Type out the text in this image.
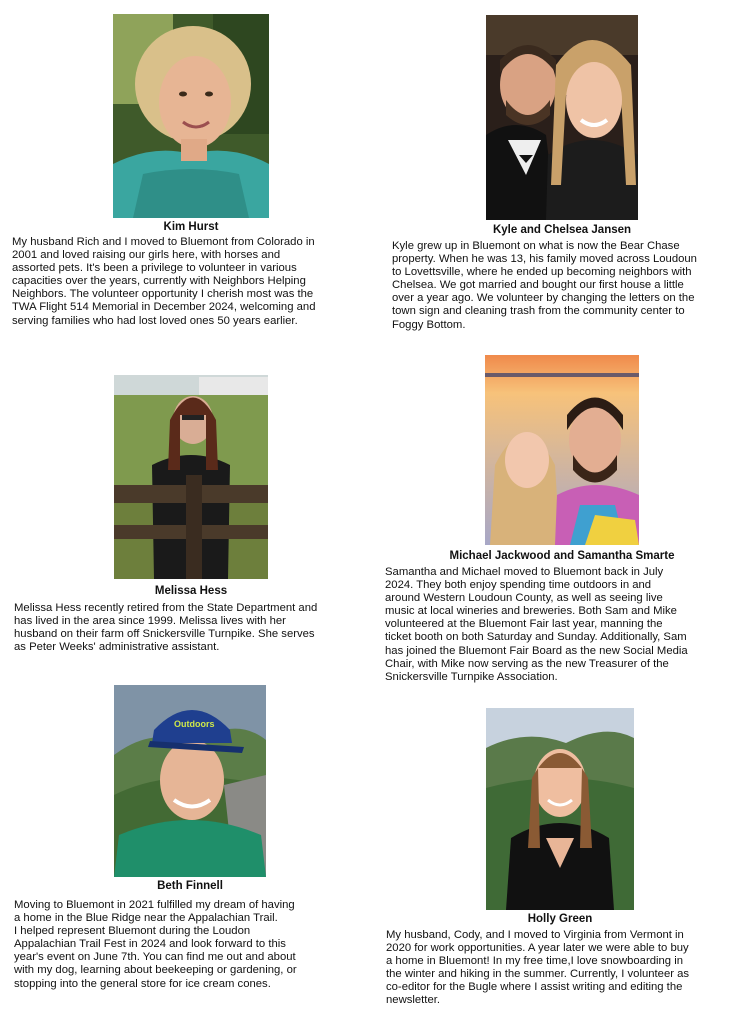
Kim Hurst
My husband Rich and I moved to Bluemont from Colorado in
2001 and loved raising our girls here, with horses and
assorted pets. It's been a privilege to volunteer in various
capacities over the years, currently with Neighbors Helping
Neighbors. The volunteer opportunity I cherish most was the
TWA Flight 514 Memorial in December 2024, welcoming and
serving families who had lost loved ones 50 years earlier.
Kyle and Chelsea Jansen
Kyle grew up in Bluemont on what is now the Bear Chase
property. When he was 13, his family moved across Loudoun
to Lovettsville, where he ended up becoming neighbors with
Chelsea. We got married and bought our first house a little
over a year ago. We volunteer by changing the letters on the
town sign and cleaning trash from the community center to
Foggy Bottom.
Melissa Hess
Melissa Hess recently retired from the State Department and
has lived in the area since 1999. Melissa lives with her
husband on their farm off Snickersville Turnpike. She serves
as Peter Weeks' administrative assistant.
Michael Jackwood and Samantha Smarte
Samantha and Michael moved to Bluemont back in July
2024. They both enjoy spending time outdoors in and
around Western Loudoun County, as well as seeing live
music at local wineries and breweries. Both Sam and Mike
volunteered at the Bluemont Fair last year, manning the
ticket booth on both Saturday and Sunday. Additionally, Sam
has joined the Bluemont Fair Board as the new Social Media
Chair, with Mike now serving as the new Treasurer of the
Snickersville Turnpike Association.
Outdoors
Beth Finnell
Moving to Bluemont in 2021 fulfilled my dream of having
a home in the Blue Ridge near the Appalachian Trail.
I helped represent Bluemont during the Loudon
Appalachian Trail Fest in 2024 and look forward to this
year's event on June 7th. You can find me out and about
with my dog, learning about beekeeping or gardening, or
stopping into the general store for ice cream cones.
Holly Green
My husband, Cody, and I moved to Virginia from Vermont in
2020 for work opportunities. A year later we were able to buy
a home in Bluemont! In my free time,I love snowboarding in
the winter and hiking in the summer. Currently, I volunteer as
co-editor for the Bugle where I assist writing and editing the
newsletter.
